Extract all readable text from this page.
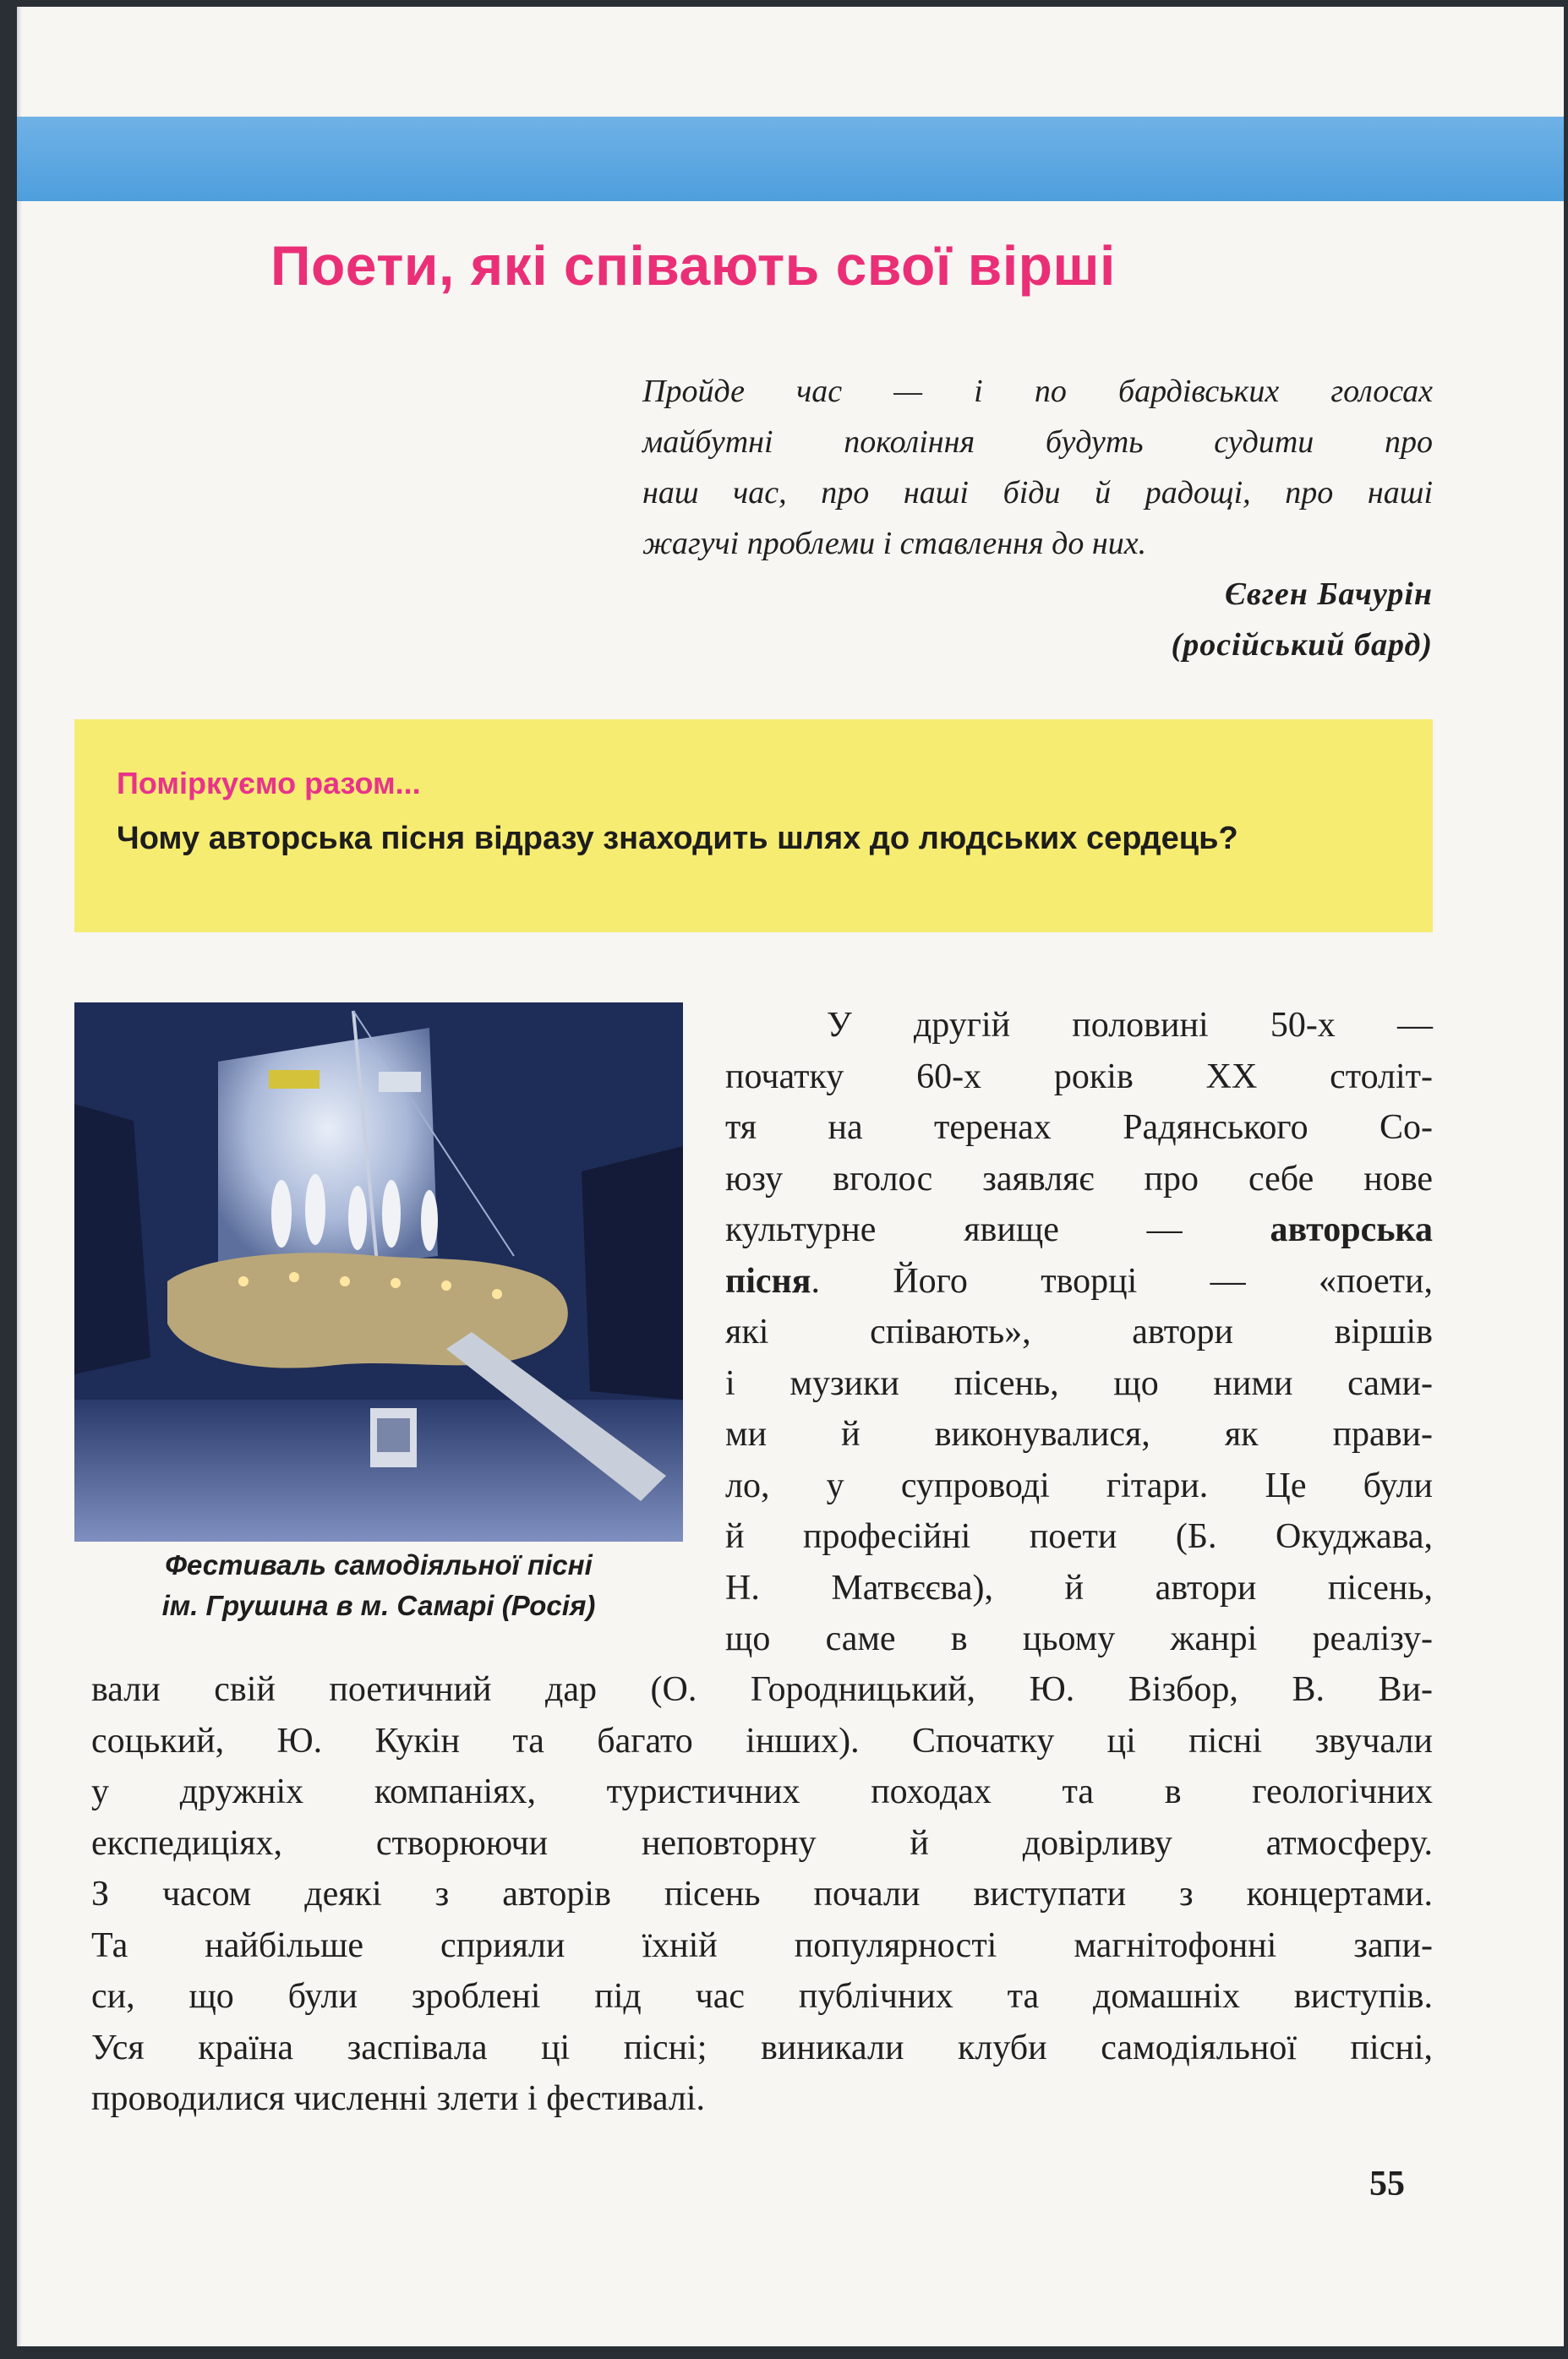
Поети, які співають свої вірші
Пройде час — і по бардівських голосах
майбутні покоління будуть судити про
наш час, про наші біди й радощі, про наші
жагучі проблеми і ставлення до них.
Євген Бачурін
(російський бард)
Поміркуємо разом...
Чому авторська пісня відразу знаходить шлях до людських сердець?
Фестиваль самодіяльної пісні
ім. Грушина в м. Самарі (Росія)
У другій половині 50-х —
початку 60-х років XX століт-
тя на теренах Радянського Со-
юзу вголос заявляє про себе нове
культурне явище — авторська
пісня. Його творці — «поети,
які співають», автори віршів
і музики пісень, що ними сами-
ми й виконувалися, як прави-
ло, у супроводі гітари. Це були
й професійні поети (Б. Окуджава,
Н. Матвєєва), й автори пісень,
що саме в цьому жанрі реалізу-
вали свій поетичний дар (О. Городницький, Ю. Візбор, В. Ви-
соцький, Ю. Кукін та багато інших). Спочатку ці пісні звучали
у дружніх компаніях, туристичних походах та в геологічних
експедиціях, створюючи неповторну й довірливу атмосферу.
З часом деякі з авторів пісень почали виступати з концертами.
Та найбільше сприяли їхній популярності магнітофонні запи-
си, що були зроблені під час публічних та домашніх виступів.
Уся країна заспівала ці пісні; виникали клуби самодіяльної пісні,
проводилися численні злети і фестивалі.
55
